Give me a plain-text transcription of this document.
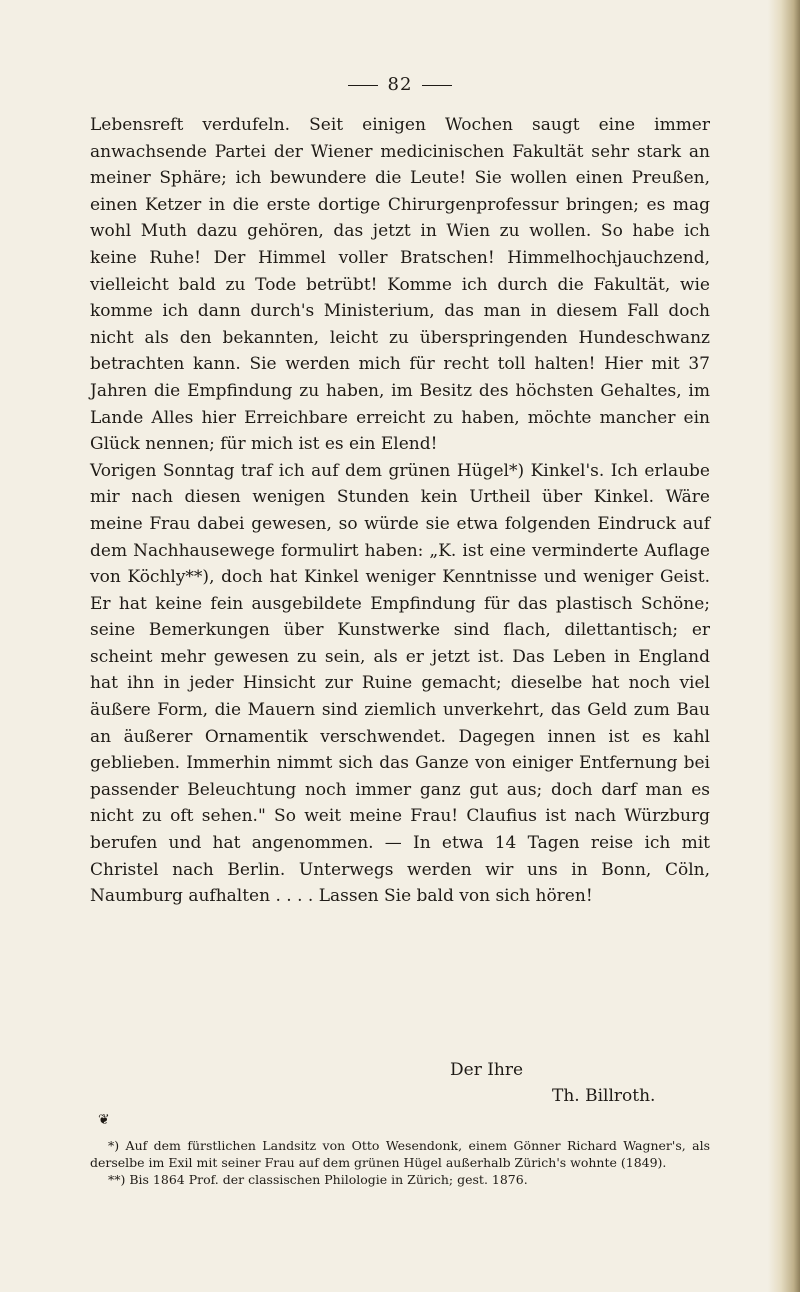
82

Lebensreft verdufeln. Seit einigen Wochen saugt eine immer anwachsende Partei der Wiener medicinischen Fakultät sehr stark an meiner Sphäre; ich bewundere die Leute! Sie wollen einen Preußen, einen Ketzer in die erste dortige Chirurgenprofessur bringen; es mag wohl Muth dazu gehören, das jetzt in Wien zu wollen. So habe ich keine Ruhe! Der Himmel voller Bratschen! Himmelhochjauchzend, vielleicht bald zu Tode betrübt! Komme ich durch die Fakultät, wie komme ich dann durch's Ministerium, das man in diesem Fall doch nicht als den bekannten, leicht zu überspringenden Hundeschwanz betrachten kann. Sie werden mich für recht toll halten! Hier mit 37 Jahren die Empfindung zu haben, im Besitz des höchsten Gehaltes, im Lande Alles hier Erreichbare erreicht zu haben, möchte mancher ein Glück nennen; für mich ist es ein Elend!

Vorigen Sonntag traf ich auf dem grünen Hügel*) Kinkel's. Ich erlaube mir nach diesen wenigen Stunden kein Urtheil über Kinkel. Wäre meine Frau dabei gewesen, so würde sie etwa folgenden Eindruck auf dem Nachhausewege formulirt haben: „K. ist eine verminderte Auflage von Köchly**), doch hat Kinkel weniger Kenntnisse und weniger Geist. Er hat keine fein ausgebildete Empfindung für das plastisch Schöne; seine Bemerkungen über Kunstwerke sind flach, dilettantisch; er scheint mehr gewesen zu sein, als er jetzt ist. Das Leben in England hat ihn in jeder Hinsicht zur Ruine gemacht; dieselbe hat noch viel äußere Form, die Mauern sind ziemlich unverkehrt, das Geld zum Bau an äußerer Ornamentik verschwendet. Dagegen innen ist es kahl geblieben. Immerhin nimmt sich das Ganze von einiger Entfernung bei passender Beleuchtung noch immer ganz gut aus; doch darf man es nicht zu oft sehen." So weit meine Frau! Claufius ist nach Würzburg berufen und hat angenommen. — In etwa 14 Tagen reise ich mit Christel nach Berlin. Unterwegs werden wir uns in Bonn, Cöln, Naumburg aufhalten . . . . Lassen Sie bald von sich hören!

Der Ihre
Th. Billroth.
❦

*) Auf dem fürstlichen Landsitz von Otto Wesendonk, einem Gönner Richard Wagner's, als derselbe im Exil mit seiner Frau auf dem grünen Hügel außerhalb Zürich's wohnte (1849).

**) Bis 1864 Prof. der classischen Philologie in Zürich; gest. 1876.
